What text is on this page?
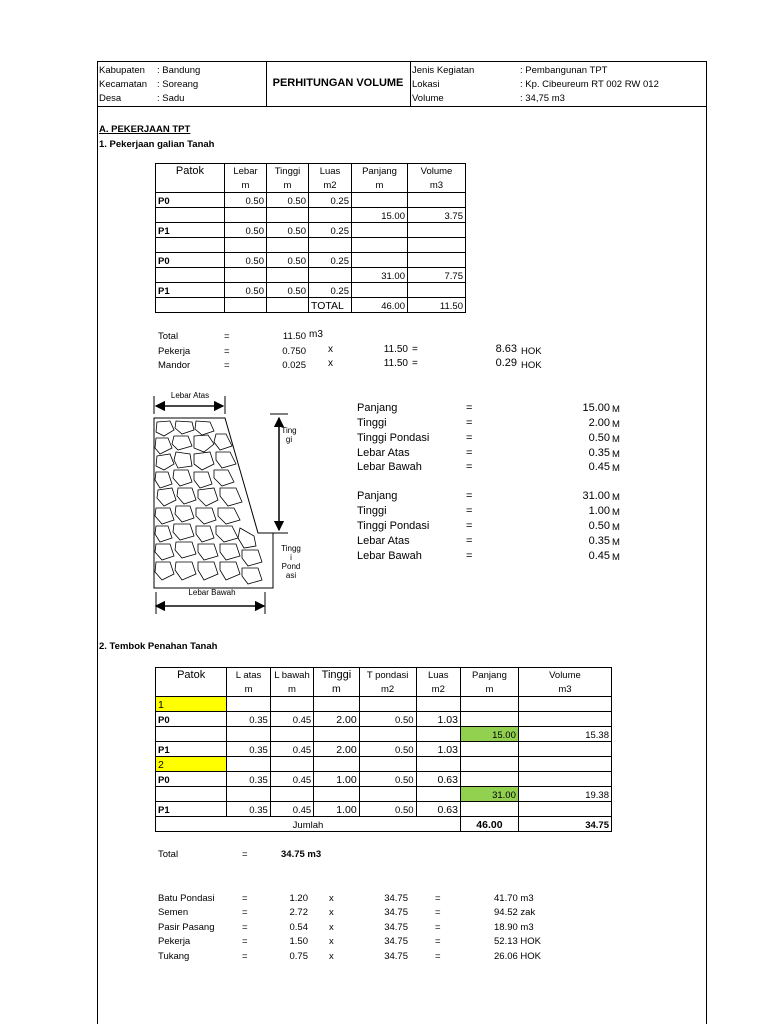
Kabupaten : Bandung
Kecamatan : Soreang
Desa	: Sadu
PERHITUNGAN VOLUME
Jenis Kegiatan	: Pembangunan TPT
Lokasi	: Kp. Cibeureum RT 002 RW 012
Volume	: 34,75 m3
A. PEKERJAAN TPT
1. Pekerjaan galian Tanah
Patok	Lebar	Tinggi	Luas	Panjang	Volume
	m	m	m2	m	m3
P0	0.50	0.50	0.25		
				15.00	3.75
P1	0.50	0.50	0.25		

P0	0.50	0.50	0.25		
				31.00	7.75
P1	0.50	0.50	0.25		
			TOTAL	46.00	11.50
Total	=	11.50 m3
Pekerja	=	0.750 x	11.50 =	8.63 HOK
Mandor	=	0.025 x	11.50 =	0.29 HOK
Lebar Atas
Ting
gi
Tingg
i
Pond
asi
Lebar Bawah
Panjang	=	15.00 M
Tinggi	=	2.00 M
Tinggi Pondasi	=	0.50 M
Lebar Atas	=	0.35 M
Lebar Bawah	=	0.45 M
Panjang	=	31.00 M
Tinggi	=	1.00 M
Tinggi Pondasi	=	0.50 M
Lebar Atas	=	0.35 M
Lebar Bawah	=	0.45 M
2. Tembok Penahan Tanah
Patok	L atas	L bawah	Tinggi	T pondasi	Luas	Panjang	Volume
	m	m	m	m2	m2	m	m3
1							
P0	0.35	0.45	2.00	0.50	1.03		
						15.00	15.38
P1	0.35	0.45	2.00	0.50	1.03		
2							
P0	0.35	0.45	1.00	0.50	0.63		
						31.00	19.38
P1	0.35	0.45	1.00	0.50	0.63		
Jumlah						46.00	34.75
Total	=	34.75 m3
Batu Pondasi	=	1.20 x	34.75	=	41.70 m3
Semen	=	2.72 x	34.75	=	94.52 zak
Pasir Pasang	=	0.54 x	34.75	=	18.90 m3
Pekerja	=	1.50 x	34.75	=	52.13 HOK
Tukang	=	0.75 x	34.75	=	26.06 HOK
